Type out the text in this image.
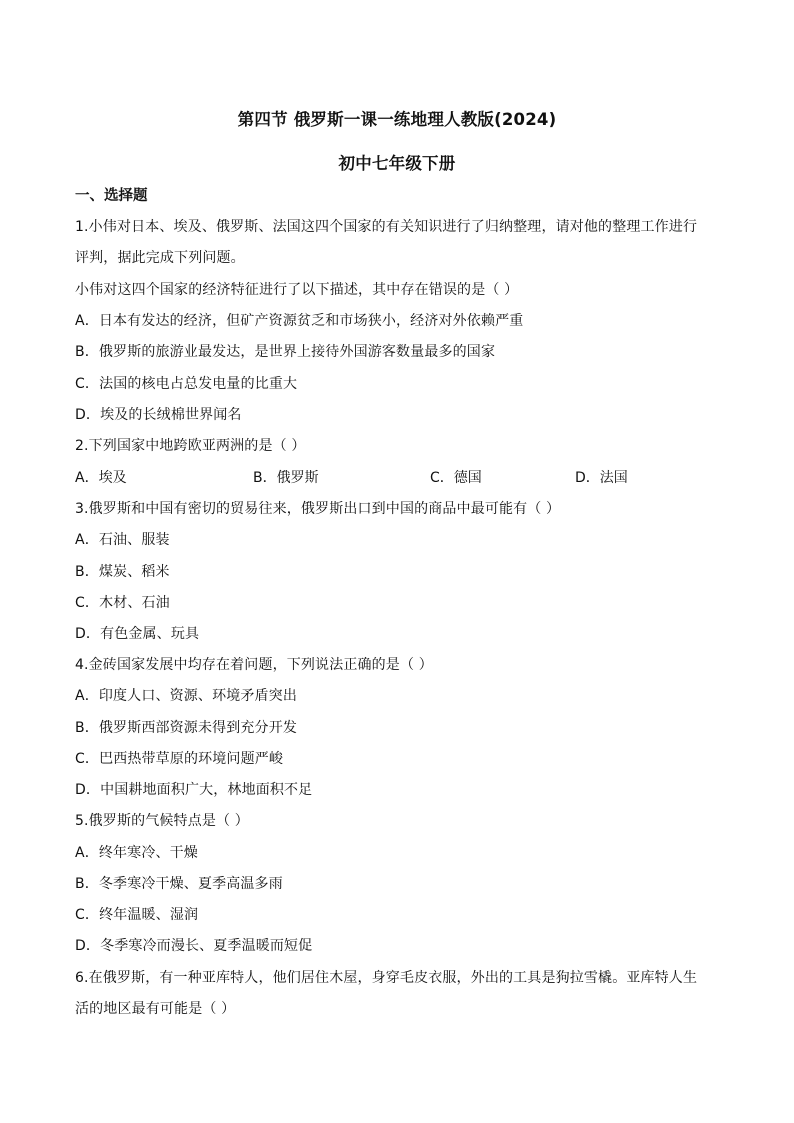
第四节 俄罗斯一课一练地理人教版(2024)
初中七年级下册
一、选择题
1.小伟对日本、埃及、俄罗斯、法国这四个国家的有关知识进行了归纳整理，请对他的整理工作进行
评判，据此完成下列问题。
小伟对这四个国家的经济特征进行了以下描述，其中存在错误的是（ ）
A．日本有发达的经济，但矿产资源贫乏和市场狭小，经济对外依赖严重
B．俄罗斯的旅游业最发达，是世界上接待外国游客数量最多的国家
C．法国的核电占总发电量的比重大
D．埃及的长绒棉世界闻名
2.下列国家中地跨欧亚两洲的是（ ）
A．埃及	B．俄罗斯	C．德国	D．法国
3.俄罗斯和中国有密切的贸易往来，俄罗斯出口到中国的商品中最可能有（ ）
A．石油、服装
B．煤炭、稻米
C．木材、石油
D．有色金属、玩具
4.金砖国家发展中均存在着问题，下列说法正确的是（ ）
A．印度人口、资源、环境矛盾突出
B．俄罗斯西部资源未得到充分开发
C．巴西热带草原的环境问题严峻
D．中国耕地面积广大，林地面积不足
5.俄罗斯的气候特点是（ ）
A．终年寒冷、干燥
B．冬季寒冷干燥、夏季高温多雨
C．终年温暖、湿润
D．冬季寒冷而漫长、夏季温暖而短促
6.在俄罗斯，有一种亚库特人，他们居住木屋，身穿毛皮衣服，外出的工具是狗拉雪橇。亚库特人生
活的地区最有可能是（ ）
